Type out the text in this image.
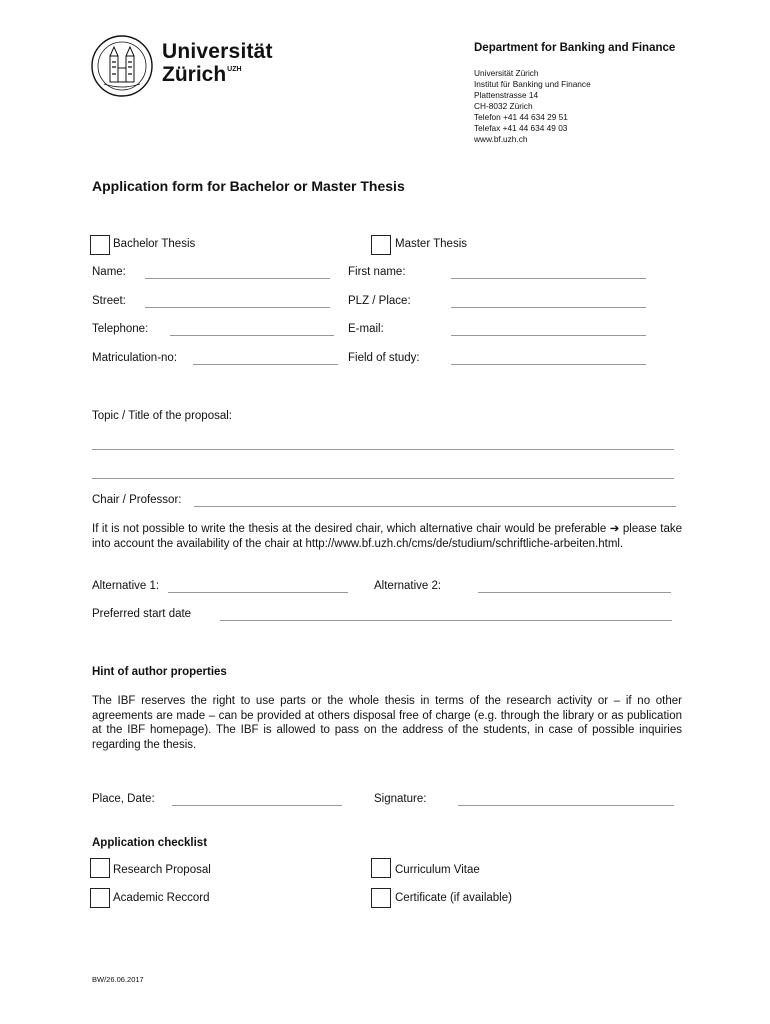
Universität
Zürich$^{UZH}$
Department for Banking and Finance
Universität Zürich
Institut für Banking und Finance
Plattenstrasse 14
CH-8032 Zürich
Telefon +41 44 634 29 51
Telefax +41 44 634 49 03
www.bf.uzh.ch
Application form for Bachelor or Master Thesis
Bachelor Thesis	Master Thesis
Name:	First name:
Street:	PLZ / Place:
Telephone:	E-mail:
Matriculation-no:	Field of study:
Topic / Title of the proposal:
Chair / Professor:
If it is not possible to write the thesis at the desired chair, which alternative chair would be preferable ➔ please take into account the availability of the chair at http://www.bf.uzh.ch/cms/de/studium/schriftliche-arbeiten.html.
Alternative 1:	Alternative 2:
Preferred start date
Hint of author properties
The IBF reserves the right to use parts or the whole thesis in terms of the research activity or – if no other agreements are made – can be provided at others disposal free of charge (e.g. through the library or as publication at the IBF homepage). The IBF is allowed to pass on the address of the students, in case of possible inquiries regarding the thesis.
Place, Date:	Signature:
Application checklist
Research Proposal	Curriculum Vitae
Academic Reccord	Certificate (if available)
BW/26.06.2017
